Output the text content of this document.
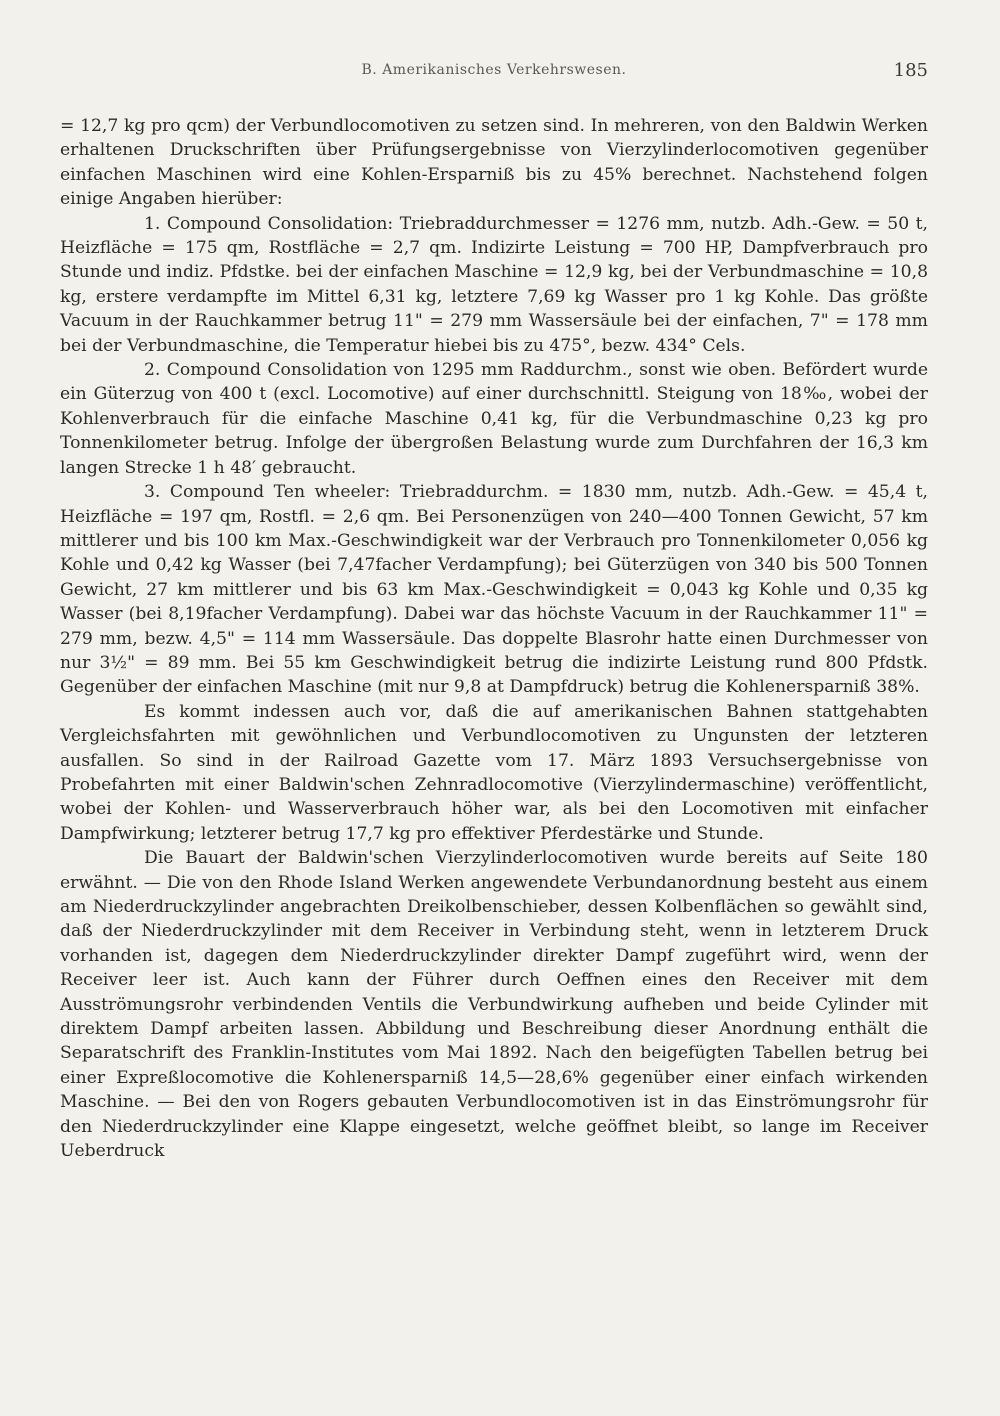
B. Amerikanisches Verkehrswesen.	185

= 12,7 kg pro qcm) der Verbundlocomotiven zu setzen sind. In mehreren, von den Baldwin Werken erhaltenen Druckschriften über Prüfungsergebnisse von Vierzylinderlocomotiven gegenüber einfachen Maschinen wird eine Kohlen-Ersparniß bis zu 45% berechnet. Nachstehend folgen einige Angaben hierüber:

1. Compound Consolidation: Triebraddurchmesser = 1276 mm, nutzb. Adh.-Gew. = 50 t, Heizfläche = 175 qm, Rostfläche = 2,7 qm. Indizirte Leistung = 700 HP, Dampfverbrauch pro Stunde und indiz. Pfdstke. bei der einfachen Maschine = 12,9 kg, bei der Verbundmaschine = 10,8 kg, erstere verdampfte im Mittel 6,31 kg, letztere 7,69 kg Wasser pro 1 kg Kohle. Das größte Vacuum in der Rauchkammer betrug 11" = 279 mm Wassersäule bei der einfachen, 7" = 178 mm bei der Verbundmaschine, die Temperatur hiebei bis zu 475°, bezw. 434° Cels.

2. Compound Consolidation von 1295 mm Raddurchm., sonst wie oben. Befördert wurde ein Güterzug von 400 t (excl. Locomotive) auf einer durchschnittl. Steigung von 18‰, wobei der Kohlenverbrauch für die einfache Maschine 0,41 kg, für die Verbundmaschine 0,23 kg pro Tonnenkilometer betrug. Infolge der übergroßen Belastung wurde zum Durchfahren der 16,3 km langen Strecke 1 h 48′ gebraucht.

3. Compound Ten wheeler: Triebraddurchm. = 1830 mm, nutzb. Adh.-Gew. = 45,4 t, Heizfläche = 197 qm, Rostfl. = 2,6 qm. Bei Personenzügen von 240—400 Tonnen Gewicht, 57 km mittlerer und bis 100 km Max.-Geschwindigkeit war der Verbrauch pro Tonnenkilometer 0,056 kg Kohle und 0,42 kg Wasser (bei 7,47facher Verdampfung); bei Güterzügen von 340 bis 500 Tonnen Gewicht, 27 km mittlerer und bis 63 km Max.-Geschwindigkeit = 0,043 kg Kohle und 0,35 kg Wasser (bei 8,19facher Verdampfung). Dabei war das höchste Vacuum in der Rauchkammer 11" = 279 mm, bezw. 4,5" = 114 mm Wassersäule. Das doppelte Blasrohr hatte einen Durchmesser von nur 3½" = 89 mm. Bei 55 km Geschwindigkeit betrug die indizirte Leistung rund 800 Pfdstk. Gegenüber der einfachen Maschine (mit nur 9,8 at Dampfdruck) betrug die Kohlenersparniß 38%.

Es kommt indessen auch vor, daß die auf amerikanischen Bahnen stattgehabten Vergleichsfahrten mit gewöhnlichen und Verbundlocomotiven zu Ungunsten der letzteren ausfallen. So sind in der Railroad Gazette vom 17. März 1893 Versuchsergebnisse von Probefahrten mit einer Baldwin'schen Zehnradlocomotive (Vierzylindermaschine) veröffentlicht, wobei der Kohlen- und Wasserverbrauch höher war, als bei den Locomotiven mit einfacher Dampfwirkung; letzterer betrug 17,7 kg pro effektiver Pferdestärke und Stunde.

Die Bauart der Baldwin'schen Vierzylinderlocomotiven wurde bereits auf Seite 180 erwähnt. — Die von den Rhode Island Werken angewendete Verbundanordnung besteht aus einem am Niederdruckzylinder angebrachten Dreikolbenschieber, dessen Kolbenflächen so gewählt sind, daß der Niederdruckzylinder mit dem Receiver in Verbindung steht, wenn in letzterem Druck vorhanden ist, dagegen dem Niederdruckzylinder direkter Dampf zugeführt wird, wenn der Receiver leer ist. Auch kann der Führer durch Oeffnen eines den Receiver mit dem Ausströmungsrohr verbindenden Ventils die Verbundwirkung aufheben und beide Cylinder mit direktem Dampf arbeiten lassen. Abbildung und Beschreibung dieser Anordnung enthält die Separatschrift des Franklin-Institutes vom Mai 1892. Nach den beigefügten Tabellen betrug bei einer Expreßlocomotive die Kohlenersparniß 14,5—28,6% gegenüber einer einfach wirkenden Maschine. — Bei den von Rogers gebauten Verbundlocomotiven ist in das Einströmungsrohr für den Niederdruckzylinder eine Klappe eingesetzt, welche geöffnet bleibt, so lange im Receiver Ueberdruck
